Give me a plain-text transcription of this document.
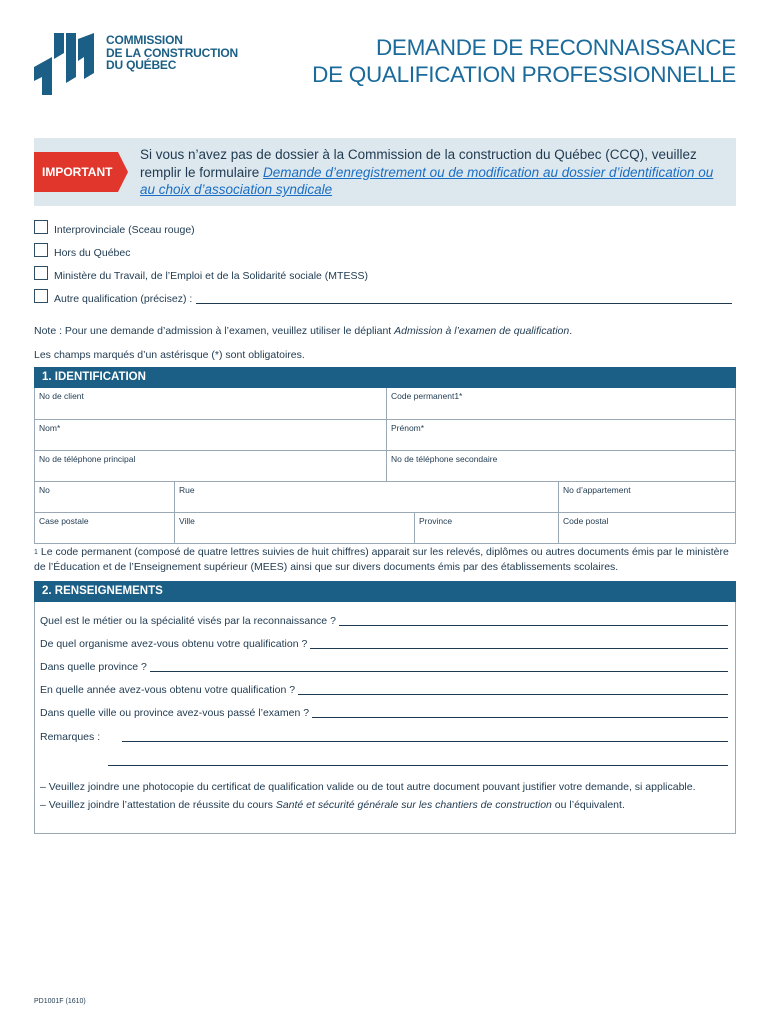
COMMISSION
DE LA CONSTRUCTION
DU QUÉBEC
DEMANDE DE RECONNAISSANCE
DE QUALIFICATION PROFESSIONNELLE
IMPORTANT
Si vous n’avez pas de dossier à la Commission de la construction du Québec (CCQ), veuillez remplir le formulaire Demande d’enregistrement ou de modification au dossier d’identification ou au choix d’association syndicale
Interprovinciale (Sceau rouge)
Hors du Québec
Ministère du Travail, de l’Emploi et de la Solidarité sociale (MTESS)
Autre qualification (précisez) :
Note : Pour une demande d’admission à l’examen, veuillez utiliser le dépliant Admission à l’examen de qualification.
Les champs marqués d’un astérisque (*) sont obligatoires.
1. IDENTIFICATION
No de client	Code permanent1*
Nom*	Prénom*
No de téléphone principal	No de téléphone secondaire
No	Rue	No d’appartement
Case postale	Ville	Province	Code postal
$^1$ Le code permanent (composé de quatre lettres suivies de huit chiffres) apparait sur les relevés, diplômes ou autres documents émis par le ministère de l’Éducation et de l’Enseignement supérieur (MEES) ainsi que sur divers documents émis par des établissements scolaires.
2. RENSEIGNEMENTS
Quel est le métier ou la spécialité visés par la reconnaissance ?
De quel organisme avez-vous obtenu votre qualification ?
Dans quelle province ?
En quelle année avez-vous obtenu votre qualification ?
Dans quelle ville ou province avez-vous passé l’examen ?
Remarques :
– Veuillez joindre une photocopie du certificat de qualification valide ou de tout autre document pouvant justifier votre demande, si applicable.
– Veuillez joindre l’attestation de réussite du cours Santé et sécurité générale sur les chantiers de construction ou l’équivalent.
PD1001F (1610)
